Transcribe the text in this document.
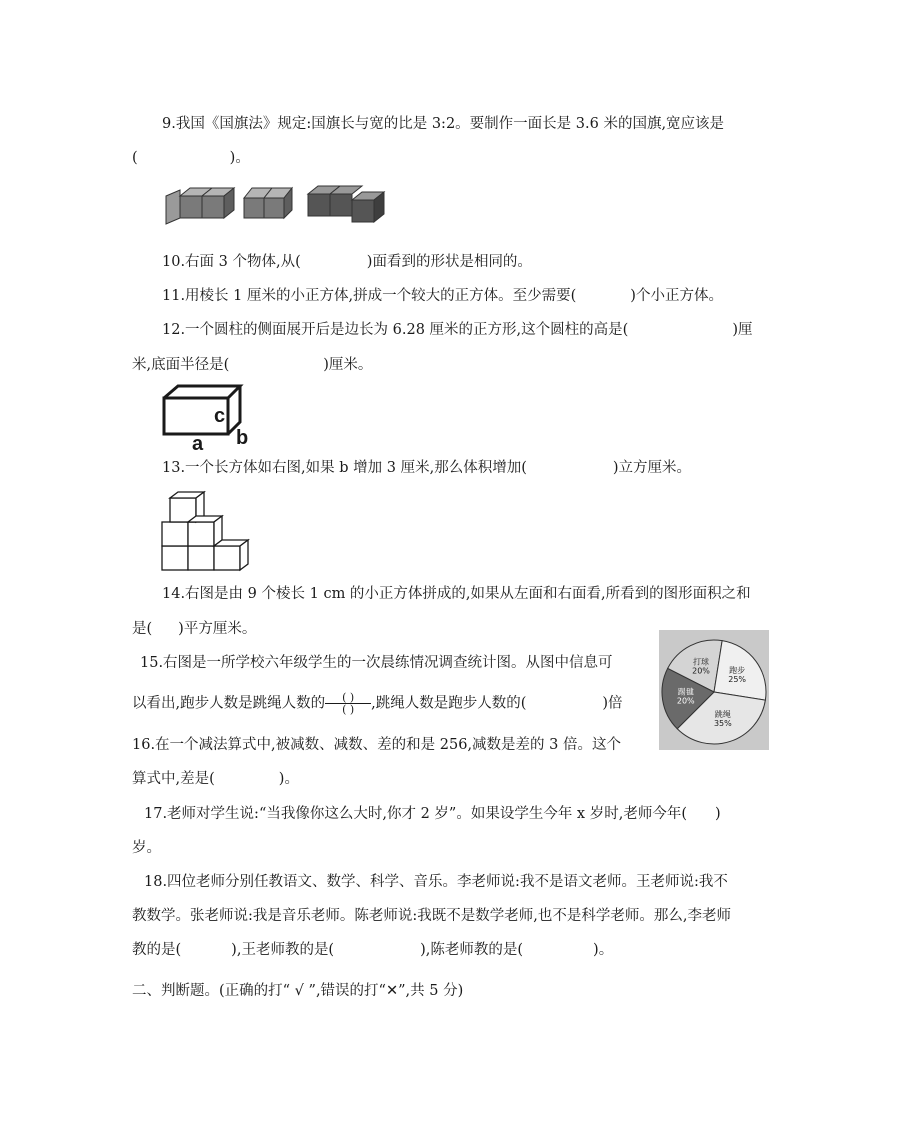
9.我国《国旗法》规定:国旗长与宽的比是 3:2。要制作一面长是 3.6 米的国旗,宽应该是
(	)。
10.右面 3 个物体,从(	)面看到的形状是相同的。
11.用棱长 1 厘米的小正方体,拼成一个较大的正方体。至少需要(	)个小正方体。
12.一个圆柱的侧面展开后是边长为 6.28 厘米的正方形,这个圆柱的高是(	)厘
米,底面半径是(	)厘米。
c
a b
13.一个长方体如右图,如果 b 增加 3 厘米,那么体积增加(	)立方厘米。
14.右图是由 9 个棱长 1 cm 的小正方体拼成的,如果从左面和右面看,所看到的图形面积之和
是( )平方厘米。
15.右图是一所学校六年级学生的一次晨练情况调查统计图。从图中信息可
以看出,跑步人数是跳绳人数的 $\frac{( )}{( )}$ ,跳绳人数是跑步人数的(	)倍
打球 20% 跑步 25%
跳绳 35%
踢毽 20%
16.在一个减法算式中,被减数、减数、差的和是 256,减数是差的 3 倍。这个
算式中,差是(	)。
17.老师对学生说:“当我像你这么大时,你才 2 岁”。如果设学生今年 x 岁时,老师今年( )
岁。
18.四位老师分别任教语文、数学、科学、音乐。李老师说:我不是语文老师。王老师说:我不
教数学。张老师说:我是音乐老师。陈老师说:我既不是数学老师,也不是科学老师。那么,李老师
教的是(	),王老师教的是(	),陈老师教的是(	)。
二、判断题。(正确的打“ √ ”,错误的打“✕”,共 5 分)
